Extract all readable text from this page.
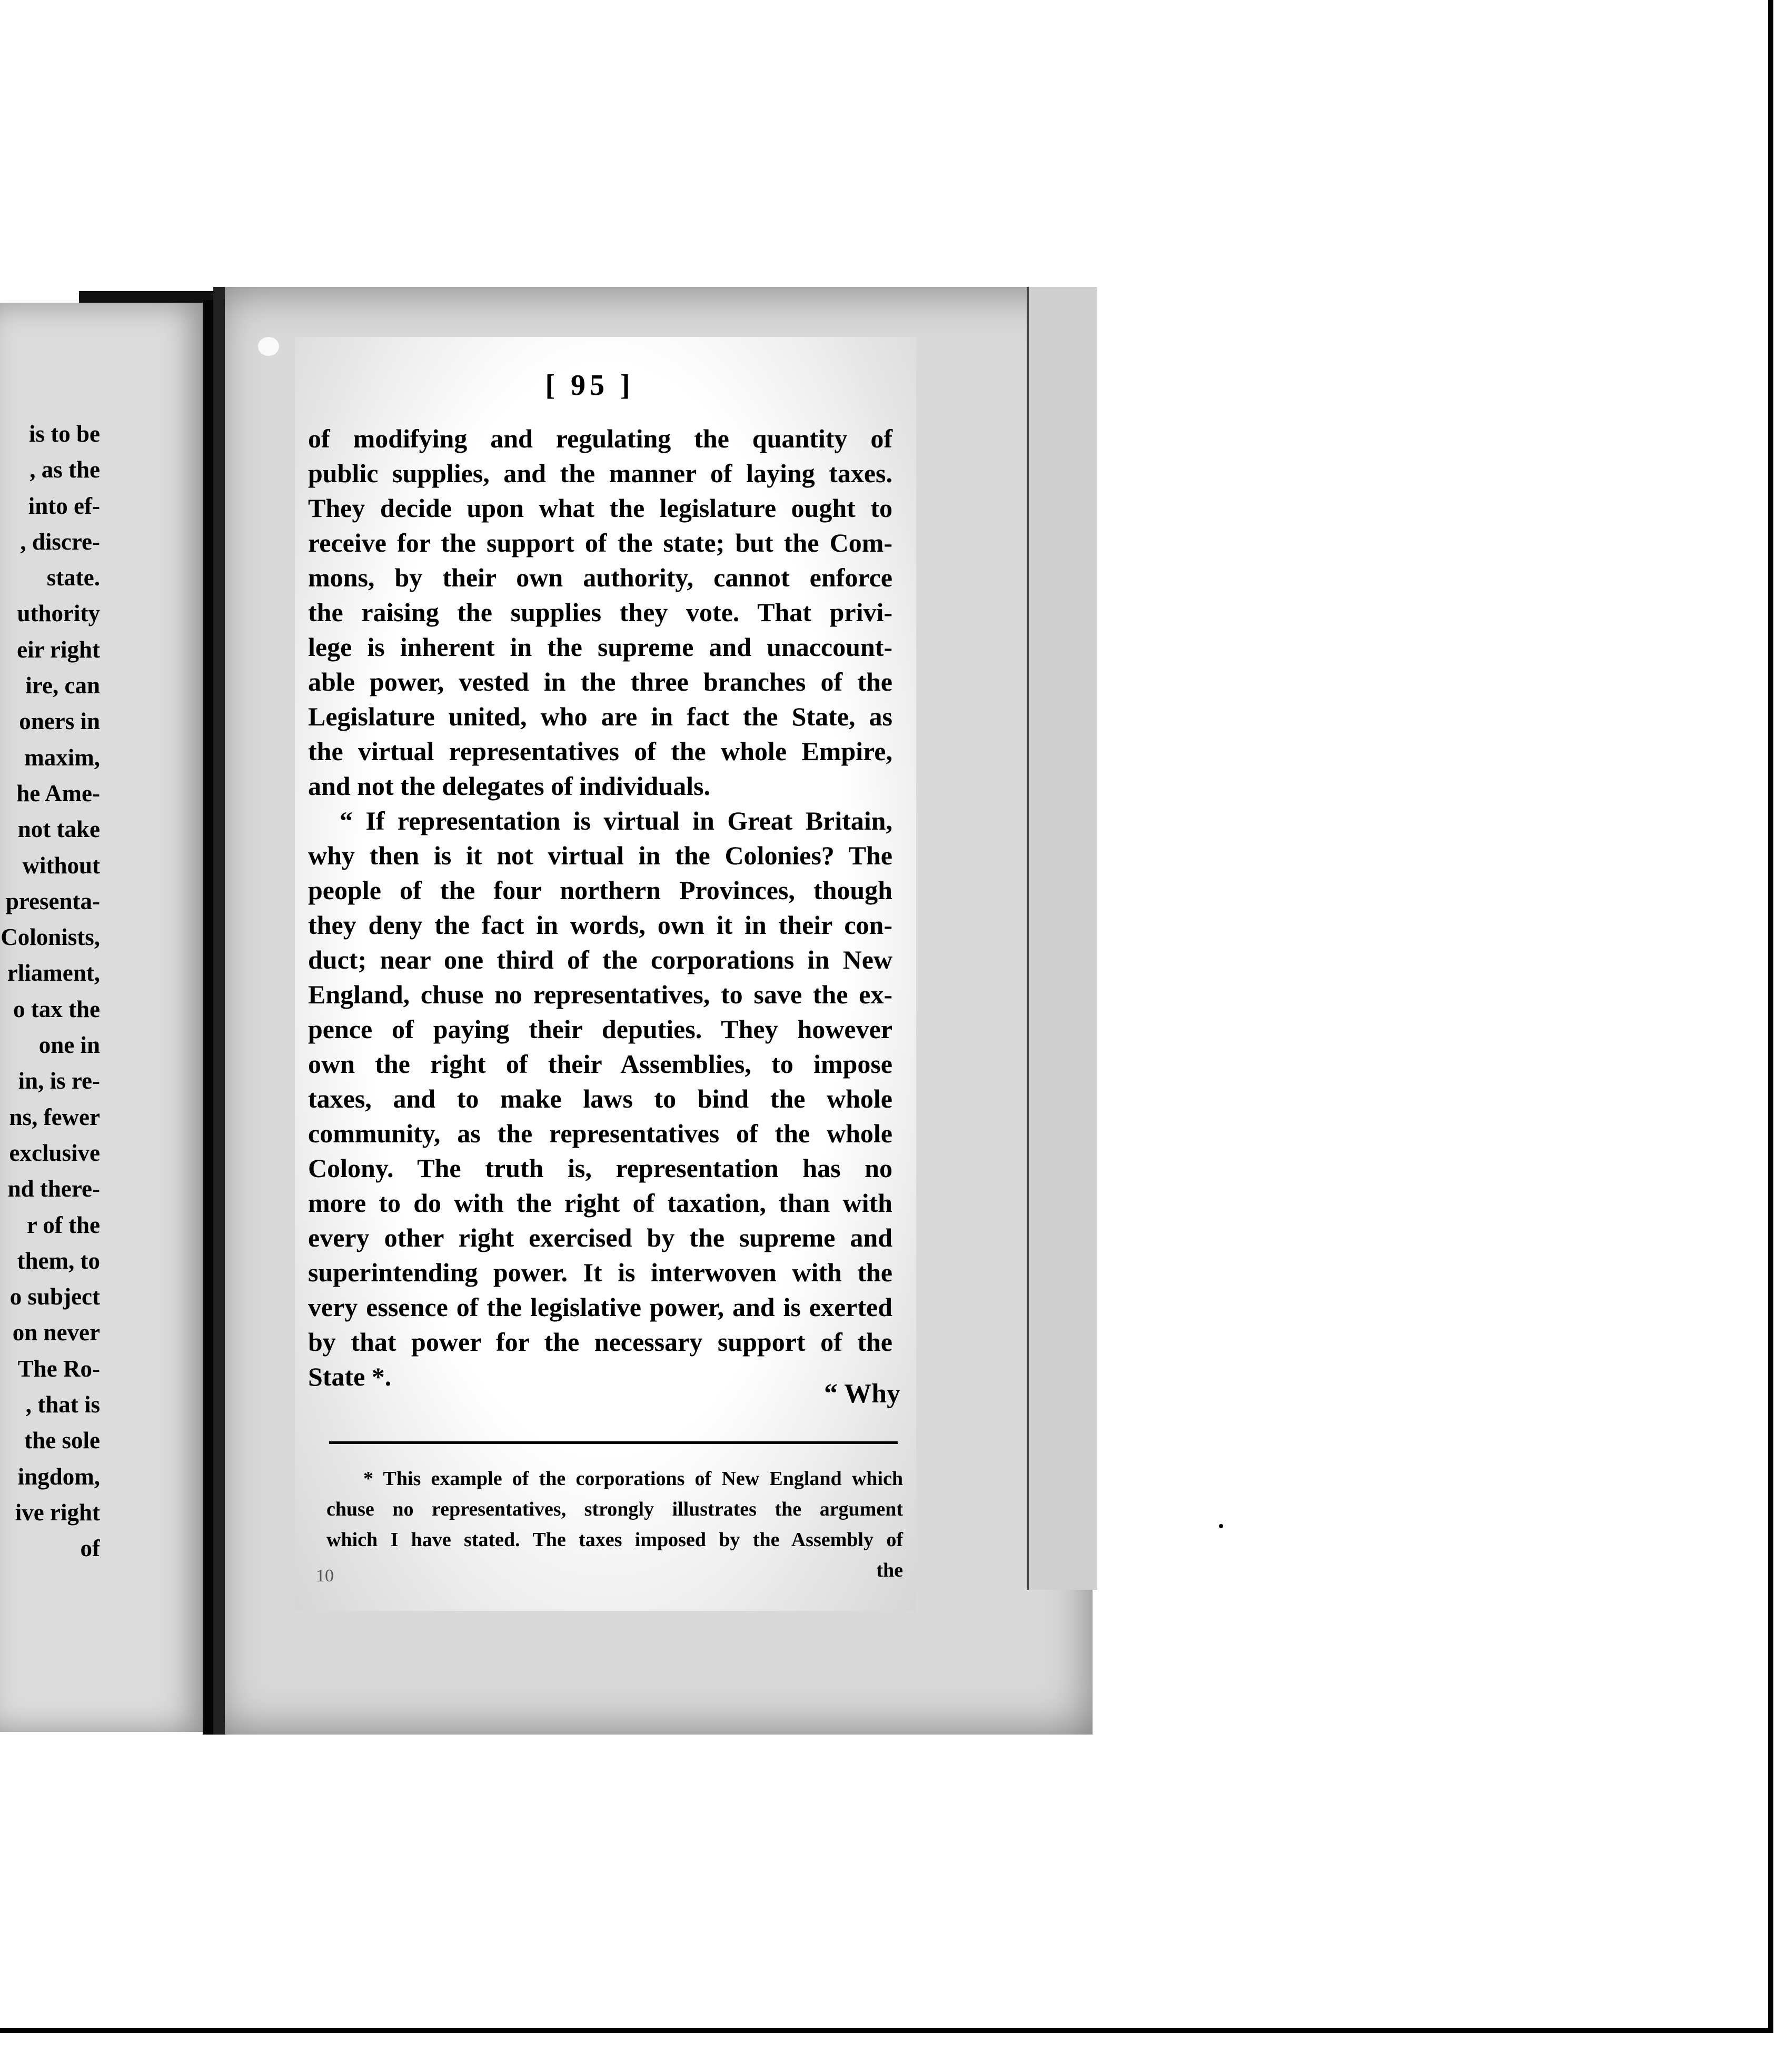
is to be
, as the
into ef-
, discre-
state.
uthority
eir right
ire, can
oners in
maxim,
he Ame-
not take
without
presenta-
Colonists,
rliament,
o tax the
one in
in, is re-
ns, fewer
exclusive
nd there-
r of the
them, to
o subject
on never
The Ro-
, that is
the sole
ingdom,
ive right
of
[ 95 ]
of modifying and regulating the quantity of
public supplies, and the manner of laying taxes.
They decide upon what the legislature ought to
receive for the support of the state; but the Com-
mons, by their own authority, cannot enforce
the raising the supplies they vote. That privi-
lege is inherent in the supreme and unaccount-
able power, vested in the three branches of the
Legislature united, who are in fact the State, as
the virtual representatives of the whole Empire,
and not the delegates of individuals.
“ If representation is virtual in Great Britain,
why then is it not virtual in the Colonies? The
people of the four northern Provinces, though
they deny the fact in words, own it in their con-
duct; near one third of the corporations in New
England, chuse no representatives, to save the ex-
pence of paying their deputies. They however
own the right of their Assemblies, to impose
taxes, and to make laws to bind the whole
community, as the representatives of the whole
Colony. The truth is, representation has no
more to do with the right of taxation, than with
every other right exercised by the supreme and
superintending power. It is interwoven with the
very essence of the legislative power, and is exerted
by that power for the necessary support of the
State *.
“ Why
* This example of the corporations of New England which
chuse no representatives, strongly illustrates the argument
which I have stated. The taxes imposed by the Assembly of
the
10
